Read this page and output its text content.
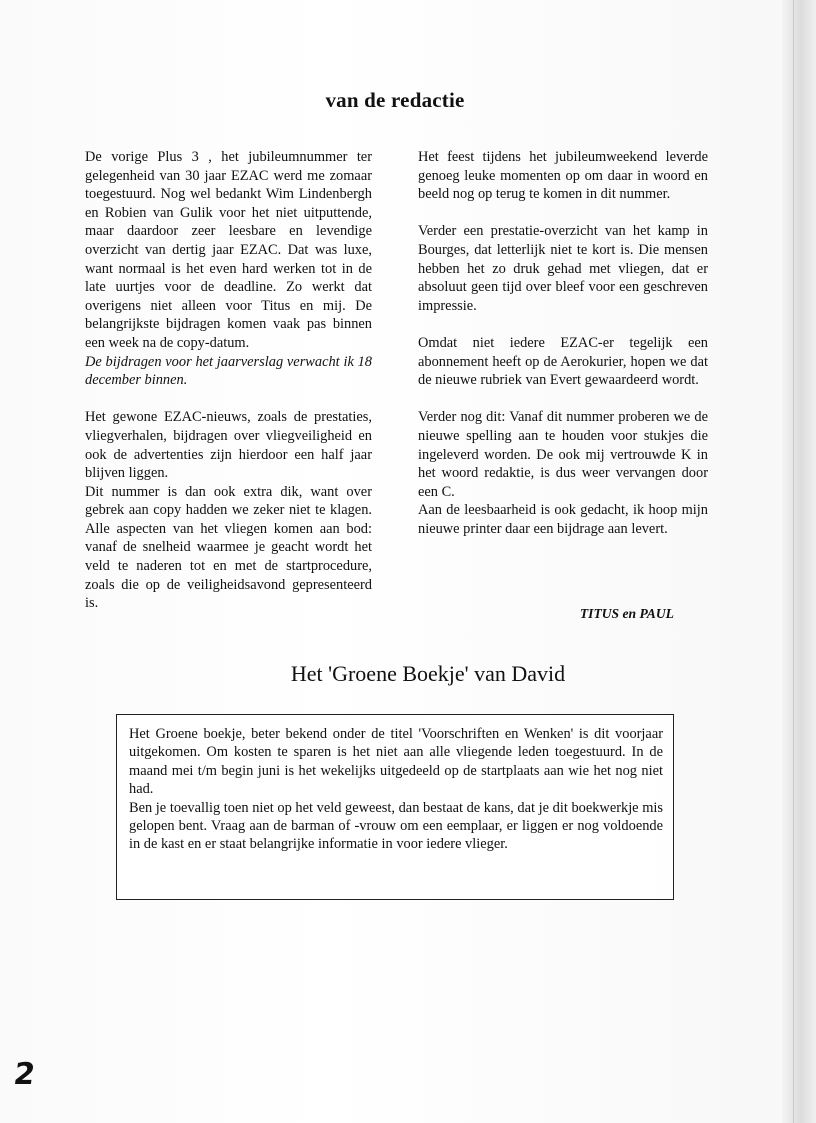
van de redactie

De vorige Plus 3 , het jubileumnummer ter gelegenheid van 30 jaar EZAC werd me zomaar toegestuurd. Nog wel bedankt Wim Lindenbergh en Robien van Gulik voor het niet uitputtende, maar daardoor zeer leesbare en levendige overzicht van dertig jaar EZAC. Dat was luxe, want normaal is het even hard werken tot in de late uurtjes voor de deadline. Zo werkt dat overigens niet alleen voor Titus en mij. De belangrijkste bijdragen komen vaak pas binnen een week na de copy-datum.

De bijdragen voor het jaarverslag verwacht ik 18 december binnen.

Het gewone EZAC-nieuws, zoals de prestaties, vliegverhalen, bijdragen over vliegveiligheid en ook de advertenties zijn hierdoor een half jaar blijven liggen.

Dit nummer is dan ook extra dik, want over gebrek aan copy hadden we zeker niet te klagen. Alle aspecten van het vliegen komen aan bod: vanaf de snelheid waarmee je geacht wordt het veld te naderen tot en met de startprocedure, zoals die op de veiligheidsavond gepresenteerd is.

Het feest tijdens het jubileumweekend leverde genoeg leuke momenten op om daar in woord en beeld nog op terug te komen in dit nummer.

Verder een prestatie-overzicht van het kamp in Bourges, dat letterlijk niet te kort is. Die mensen hebben het zo druk gehad met vliegen, dat er absoluut geen tijd over bleef voor een geschreven impressie.

Omdat niet iedere EZAC-er tegelijk een abonnement heeft op de Aerokurier, hopen we dat de nieuwe rubriek van Evert gewaardeerd wordt.

Verder nog dit: Vanaf dit nummer proberen we de nieuwe spelling aan te houden voor stukjes die ingeleverd worden. De ook mij vertrouwde K in het woord redaktie, is dus weer vervangen door een C.

Aan de leesbaarheid is ook gedacht, ik hoop mijn nieuwe printer daar een bijdrage aan levert.

TITUS en PAUL
Het 'Groene Boekje' van David

Het Groene boekje, beter bekend onder de titel 'Voorschriften en Wenken' is dit voorjaar uitgekomen. Om kosten te sparen is het niet aan alle vliegende leden toegestuurd. In de maand mei t/m begin juni is het wekelijks uitgedeeld op de startplaats aan wie het nog niet had.

Ben je toevallig toen niet op het veld geweest, dan bestaat de kans, dat je dit boekwerkje mis gelopen bent. Vraag aan de barman of -vrouw om een eemplaar, er liggen er nog voldoende in de kast en er staat belangrijke informatie in voor iedere vlieger.

2
